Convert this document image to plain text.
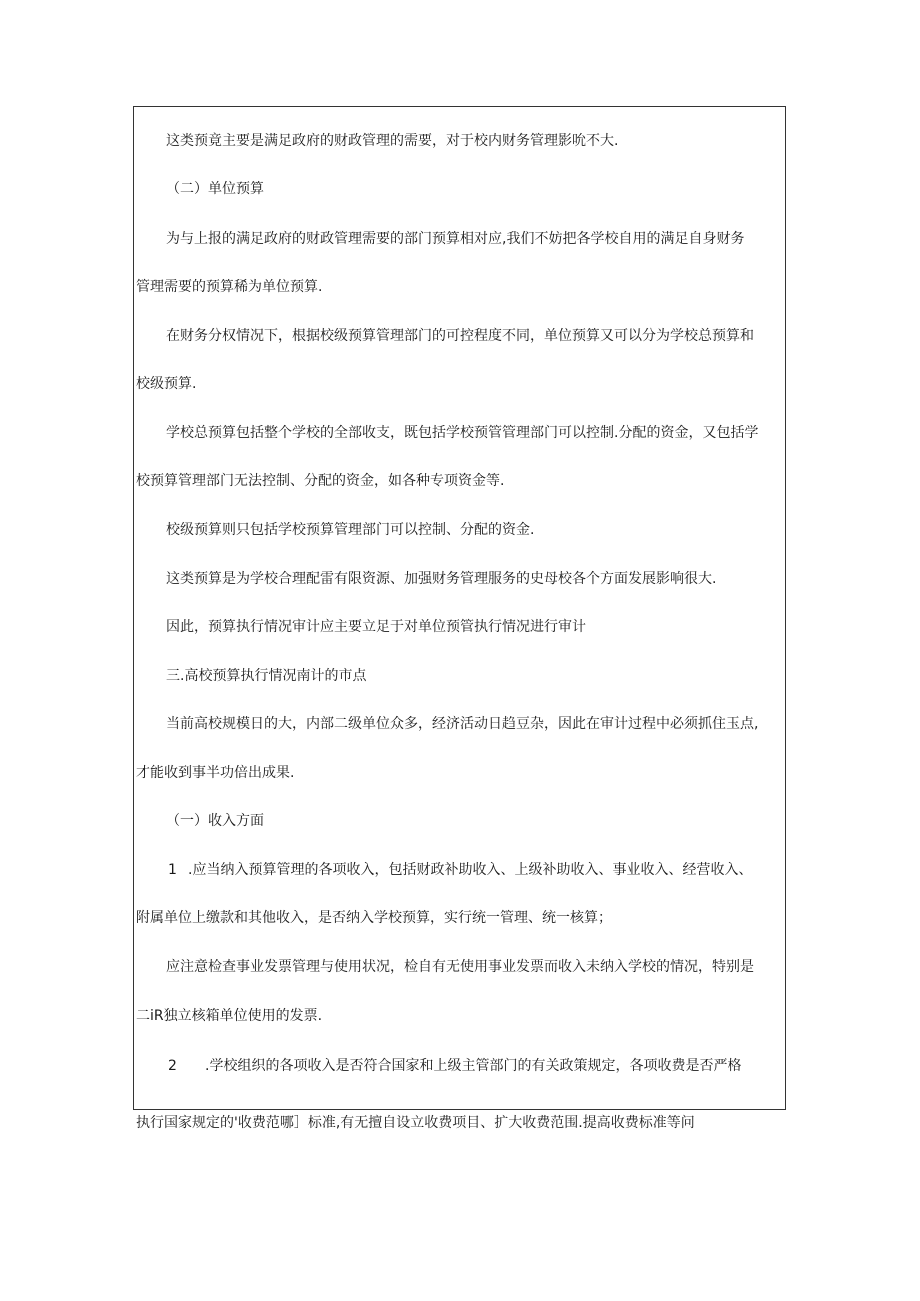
这类预竟主要是满足政府的财政管理的需要，对于校内财务管理影吮不大.
（二）单位预算
为与上报的满足政府的财政管理需要的部门预算相对应,我们不妨把各学校自用的满足自身财务
管理需要的预算稀为单位预算.
在财务分权情况下，根据校级预算管理部门的可控程度不同，单位预算又可以分为学校总预算和
校级预算.
学校总预算包括整个学校的全部收支，既包括学校预管管理部门可以控制.分配的资金，又包括学
校预算管理部门无法控制、分配的资金，如各种专项资金等.
校级预算则只包括学校预算管理部门可以控制、分配的资金.
这类预算是为学校合理配雷有限资源、加强财务管理服务的史母校各个方面发展影响很大.
因此，预算执行情况审计应主要立足于对单位预管执行情况进行审计
三.高校预算执行情况南计的市点
当前高校规模日的大，内部二级单位众多，经济活动日趋豆杂，因此在审计过程中必须抓住玉点,
才能收到事半功倍出成果.
（一）收入方面
1 .应当纳入预算管理的各项收入，包括财政补助收入、上级补助收入、事业收入、经营收入、
附属单位上缴款和其他收入，是否纳入学校预算，实行统一管理、统一核算；
应注意检查事业发票管理与使用状况，检自有无使用事业发票而收入未纳入学校的情况，特别是
二iR独立核箱单位使用的发票.
2 .学校组织的各项收入是否符合国家和上级主管部门的有关政策规定，各项收费是否严格
执行国家规定的'收费范哪］标准,有无擅自设立收费项目、扩大收费范围.提高收费标准等问
